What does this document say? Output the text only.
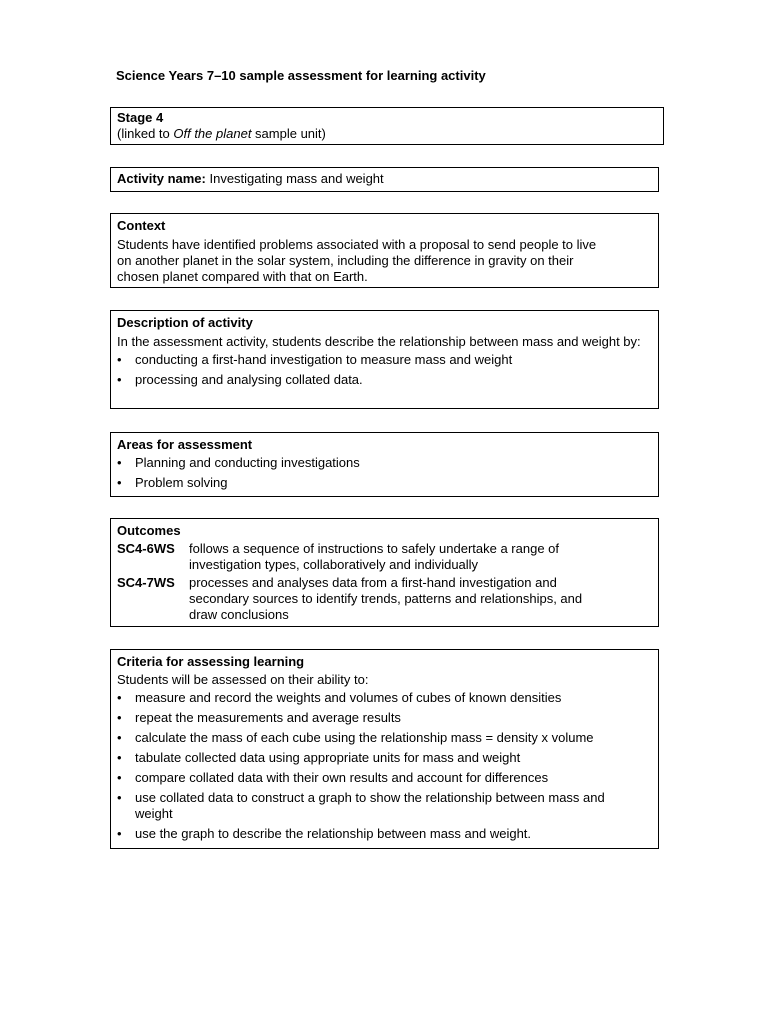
Science Years 7–10 sample assessment for learning activity
Stage 4
(linked to Off the planet sample unit)
Activity name: Investigating mass and weight
Context

Students have identified problems associated with a proposal to send people to live on another planet in the solar system, including the difference in gravity on their chosen planet compared with that on Earth.

Description of activity

In the assessment activity, students describe the relationship between mass and weight by:

• conducting a first-hand investigation to measure mass and weight
• processing and analysing collated data.
Areas for assessment
• Planning and conducting investigations
• Problem solving
Outcomes
SC4-6WS	follows a sequence of instructions to safely undertake a range of investigation types, collaboratively and individually
SC4-7WS	processes and analyses data from a first-hand investigation and secondary sources to identify trends, patterns and relationships, and draw conclusions
Criteria for assessing learning

Students will be assessed on their ability to:

• measure and record the weights and volumes of cubes of known densities
• repeat the measurements and average results
• calculate the mass of each cube using the relationship mass = density x volume
• tabulate collected data using appropriate units for mass and weight
• compare collated data with their own results and account for differences
• use collated data to construct a graph to show the relationship between mass and weight
• use the graph to describe the relationship between mass and weight.
